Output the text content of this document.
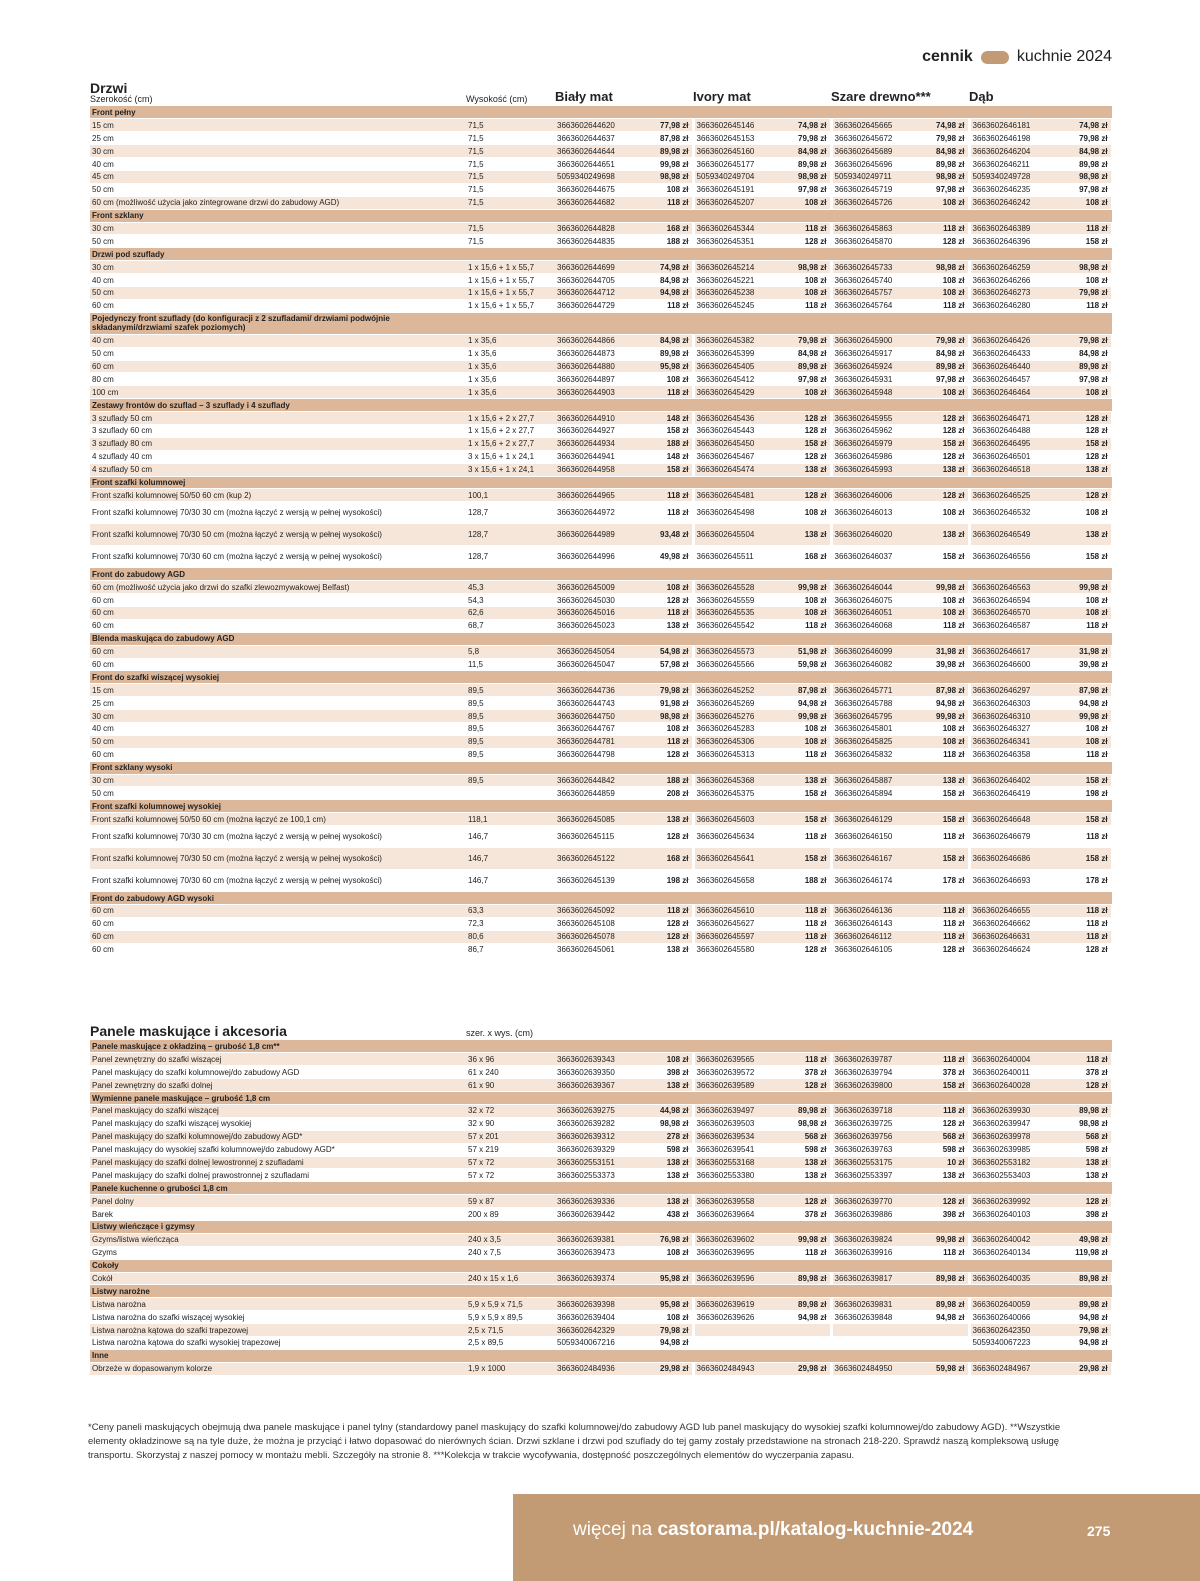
cennik	kuchnie 2024
Drzwi
Szerokość (cm)	Wysokość (cm) Biały mat	Ivory mat	Szare drewno***	Dąb
Front pełny									
15 cm	71,5	3663602644620	77,98 zł	3663602645146	74,98 zł	3663602645665	74,98 zł	3663602646181	74,98 zł
25 cm	71,5	3663602644637	87,98 zł	3663602645153	79,98 zł	3663602645672	79,98 zł	3663602646198	79,98 zł
30 cm	71,5	3663602644644	89,98 zł	3663602645160	84,98 zł	3663602645689	84,98 zł	3663602646204	84,98 zł
40 cm	71,5	3663602644651	99,98 zł	3663602645177	89,98 zł	3663602645696	89,98 zł	3663602646211	89,98 zł
45 cm	71,5	5059340249698	98,98 zł	5059340249704	98,98 zł	5059340249711	98,98 zł	5059340249728	98,98 zł
50 cm	71,5	3663602644675	108 zł	3663602645191	97,98 zł	3663602645719	97,98 zł	3663602646235	97,98 zł
60 cm (możliwość użycia jako zintegrowane drzwi do zabudowy AGD)	71,5	3663602644682	118 zł	3663602645207	108 zł	3663602645726	108 zł	3663602646242	108 zł
Front szklany									
30 cm	71,5	3663602644828	168 zł	3663602645344	118 zł	3663602645863	118 zł	3663602646389	118 zł
50 cm	71,5	3663602644835	188 zł	3663602645351	128 zł	3663602645870	128 zł	3663602646396	158 zł
Drzwi pod szuflady									
30 cm	1 x 15,6 + 1 x 55,7	3663602644699	74,98 zł	3663602645214	98,98 zł	3663602645733	98,98 zł	3663602646259	98,98 zł
40 cm	1 x 15,6 + 1 x 55,7	3663602644705	84,98 zł	3663602645221	108 zł	3663602645740	108 zł	3663602646266	108 zł
50 cm	1 x 15,6 + 1 x 55,7	3663602644712	94,98 zł	3663602645238	108 zł	3663602645757	108 zł	3663602646273	79,98 zł
60 cm	1 x 15,6 + 1 x 55,7	3663602644729	118 zł	3663602645245	118 zł	3663602645764	118 zł	3663602646280	118 zł
Pojedynczy front szuflady (do konfiguracji z 2 szufladami/ drzwiami podwójnie składanymi/drzwiami szafek poziomych)									
40 cm	1 x 35,6	3663602644866	84,98 zł	3663602645382	79,98 zł	3663602645900	79,98 zł	3663602646426	79,98 zł
50 cm	1 x 35,6	3663602644873	89,98 zł	3663602645399	84,98 zł	3663602645917	84,98 zł	3663602646433	84,98 zł
60 cm	1 x 35,6	3663602644880	95,98 zł	3663602645405	89,98 zł	3663602645924	89,98 zł	3663602646440	89,98 zł
80 cm	1 x 35,6	3663602644897	108 zł	3663602645412	97,98 zł	3663602645931	97,98 zł	3663602646457	97,98 zł
100 cm	1 x 35,6	3663602644903	118 zł	3663602645429	108 zł	3663602645948	108 zł	3663602646464	108 zł
Zestawy frontów do szuflad – 3 szuflady i 4 szuflady									
3 szuflady 50 cm	1 x 15,6 + 2 x 27,7	3663602644910	148 zł	3663602645436	128 zł	3663602645955	128 zł	3663602646471	128 zł
3 szuflady 60 cm	1 x 15,6 + 2 x 27,7	3663602644927	158 zł	3663602645443	128 zł	3663602645962	128 zł	3663602646488	128 zł
3 szuflady 80 cm	1 x 15,6 + 2 x 27,7	3663602644934	188 zł	3663602645450	158 zł	3663602645979	158 zł	3663602646495	158 zł
4 szuflady 40 cm	3 x 15,6 + 1 x 24,1	3663602644941	148 zł	3663602645467	128 zł	3663602645986	128 zł	3663602646501	128 zł
4 szuflady 50 cm	3 x 15,6 + 1 x 24,1	3663602644958	158 zł	3663602645474	138 zł	3663602645993	138 zł	3663602646518	138 zł
Front szafki kolumnowej									
Front szafki kolumnowej 50/50 60 cm (kup 2)	100,1	3663602644965	118 zł	3663602645481	128 zł	3663602646006	128 zł	3663602646525	128 zł
Front szafki kolumnowej 70/30 30 cm (można łączyć z wersją w pełnej wysokości)	128,7	3663602644972	118 zł	3663602645498	108 zł	3663602646013	108 zł	3663602646532	108 zł
Front szafki kolumnowej 70/30 50 cm (można łączyć z wersją w pełnej wysokości)	128,7	3663602644989	93,48 zł	3663602645504	138 zł	3663602646020	138 zł	3663602646549	138 zł
Front szafki kolumnowej 70/30 60 cm (można łączyć z wersją w pełnej wysokości)	128,7	3663602644996	49,98 zł	3663602645511	168 zł	3663602646037	158 zł	3663602646556	158 zł
Front do zabudowy AGD									
60 cm (możliwość użycia jako drzwi do szafki zlewozmywakowej Belfast)	45,3	3663602645009	108 zł	3663602645528	99,98 zł	3663602646044	99,98 zł	3663602646563	99,98 zł
60 cm	54,3	3663602645030	128 zł	3663602645559	108 zł	3663602646075	108 zł	3663602646594	108 zł
60 cm	62,6	3663602645016	118 zł	3663602645535	108 zł	3663602646051	108 zł	3663602646570	108 zł
60 cm	68,7	3663602645023	138 zł	3663602645542	118 zł	3663602646068	118 zł	3663602646587	118 zł
Blenda maskująca do zabudowy AGD									
60 cm	5,8	3663602645054	54,98 zł	3663602645573	51,98 zł	3663602646099	31,98 zł	3663602646617	31,98 zł
60 cm	11,5	3663602645047	57,98 zł	3663602645566	59,98 zł	3663602646082	39,98 zł	3663602646600	39,98 zł
Front do szafki wiszącej wysokiej									
15 cm	89,5	3663602644736	79,98 zł	3663602645252	87,98 zł	3663602645771	87,98 zł	3663602646297	87,98 zł
25 cm	89,5	3663602644743	91,98 zł	3663602645269	94,98 zł	3663602645788	94,98 zł	3663602646303	94,98 zł
30 cm	89,5	3663602644750	98,98 zł	3663602645276	99,98 zł	3663602645795	99,98 zł	3663602646310	99,98 zł
40 cm	89,5	3663602644767	108 zł	3663602645283	108 zł	3663602645801	108 zł	3663602646327	108 zł
50 cm	89,5	3663602644781	118 zł	3663602645306	108 zł	3663602645825	108 zł	3663602646341	108 zł
60 cm	89,5	3663602644798	128 zł	3663602645313	118 zł	3663602645832	118 zł	3663602646358	118 zł
Front szklany wysoki									
30 cm	89,5	3663602644842	188 zł	3663602645368	138 zł	3663602645887	138 zł	3663602646402	158 zł
50 cm		3663602644859	208 zł	3663602645375	158 zł	3663602645894	158 zł	3663602646419	198 zł
Front szafki kolumnowej wysokiej									
Front szafki kolumnowej 50/50 60 cm (można łączyć ze 100,1 cm)	118,1	3663602645085	138 zł	3663602645603	158 zł	3663602646129	158 zł	3663602646648	158 zł
Front szafki kolumnowej 70/30 30 cm (można łączyć z wersją w pełnej wysokości)	146,7	3663602645115	128 zł	3663602645634	118 zł	3663602646150	118 zł	3663602646679	118 zł
Front szafki kolumnowej 70/30 50 cm (można łączyć z wersją w pełnej wysokości)	146,7	3663602645122	168 zł	3663602645641	158 zł	3663602646167	158 zł	3663602646686	158 zł
Front szafki kolumnowej 70/30 60 cm (można łączyć z wersją w pełnej wysokości)	146,7	3663602645139	198 zł	3663602645658	188 zł	3663602646174	178 zł	3663602646693	178 zł
Front do zabudowy AGD wysoki									
60 cm	63,3	3663602645092	118 zł	3663602645610	118 zł	3663602646136	118 zł	3663602646655	118 zł
60 cm	72,3	3663602645108	128 zł	3663602645627	118 zł	3663602646143	118 zł	3663602646662	118 zł
60 cm	80,6	3663602645078	128 zł	3663602645597	118 zł	3663602646112	118 zł	3663602646631	118 zł
60 cm	86,7	3663602645061	138 zł	3663602645580	128 zł	3663602646105	128 zł	3663602646624	128 zł
Panele maskujące i akcesoria	szer. x wys. (cm)
Panele maskujące z okładziną – grubość 1,8 cm**									
Panel zewnętrzny do szafki wiszącej	36 x 96	3663602639343	108 zł	3663602639565	118 zł	3663602639787	118 zł	3663602640004	118 zł
Panel maskujący do szafki kolumnowej/do zabudowy AGD	61 x 240	3663602639350	398 zł	3663602639572	378 zł	3663602639794	378 zł	3663602640011	378 zł
Panel zewnętrzny do szafki dolnej	61 x 90	3663602639367	138 zł	3663602639589	128 zł	3663602639800	158 zł	3663602640028	128 zł
Wymienne panele maskujące – grubość 1,8 cm									
Panel maskujący do szafki wiszącej	32 x 72	3663602639275	44,98 zł	3663602639497	89,98 zł	3663602639718	118 zł	3663602639930	89,98 zł
Panel maskujący do szafki wiszącej wysokiej	32 x 90	3663602639282	98,98 zł	3663602639503	98,98 zł	3663602639725	128 zł	3663602639947	98,98 zł
Panel maskujący do szafki kolumnowej/do zabudowy AGD*	57 x 201	3663602639312	278 zł	3663602639534	568 zł	3663602639756	568 zł	3663602639978	568 zł
Panel maskujący do wysokiej szafki kolumnowej/do zabudowy AGD*	57 x 219	3663602639329	598 zł	3663602639541	598 zł	3663602639763	598 zł	3663602639985	598 zł
Panel maskujący do szafki dolnej lewostronnej z szufladami	57 x 72	3663602553151	138 zł	3663602553168	138 zł	3663602553175	10 zł	3663602553182	138 zł
Panel maskujący do szafki dolnej prawostronnej z szufladami	57 x 72	3663602553373	138 zł	3663602553380	138 zł	3663602553397	138 zł	3663602553403	138 zł
Panele kuchenne o grubości 1,8 cm									
Panel dolny	59 x 87	3663602639336	138 zł	3663602639558	128 zł	3663602639770	128 zł	3663602639992	128 zł
Barek	200 x 89	3663602639442	438 zł	3663602639664	378 zł	3663602639886	398 zł	3663602640103	398 zł
Listwy wieńczące i gzymsy									
Gzyms/listwa wieńcząca	240 x 3,5	3663602639381	76,98 zł	3663602639602	99,98 zł	3663602639824	99,98 zł	3663602640042	49,98 zł
Gzyms	240 x 7,5	3663602639473	108 zł	3663602639695	118 zł	3663602639916	118 zł	3663602640134	119,98 zł
Cokoły									
Cokół	240 x 15 x 1,6	3663602639374	95,98 zł	3663602639596	89,98 zł	3663602639817	89,98 zł	3663602640035	89,98 zł
Listwy narożne									
Listwa narożna	5,9 x 5,9 x 71,5	3663602639398	95,98 zł	3663602639619	89,98 zł	3663602639831	89,98 zł	3663602640059	89,98 zł
Listwa narożna do szafki wiszącej wysokiej	5,9 x 5,9 x 89,5	3663602639404	108 zł	3663602639626	94,98 zł	3663602639848	94,98 zł	3663602640066	94,98 zł
Listwa narożna kątowa do szafki trapezowej	2,5 x 71,5	3663602642329	79,98 zł					3663602642350	79,98 zł
Listwa narożna kątowa do szafki wysokiej trapezowej	2,5 x 89,5	5059340067216	94,98 zł					5059340067223	94,98 zł
Inne									
Obrzeże w dopasowanym kolorze	1,9 x 1000	3663602484936	29,98 zł	3663602484943	29,98 zł	3663602484950	59,98 zł	3663602484967	29,98 zł
*Ceny paneli maskujących obejmują dwa panele maskujące i panel tylny (standardowy panel maskujący do szafki kolumnowej/do zabudowy AGD lub panel maskujący do wysokiej szafki kolumnowej/do zabudowy AGD). **Wszystkie elementy okładzinowe są na tyle duże, że można je przyciąć i łatwo dopasować do nierównych ścian. Drzwi szklane i drzwi pod szuflady do tej gamy zostały przedstawione na stronach 218-220. Sprawdź naszą kompleksową usługę transportu. Skorzystaj z naszej pomocy w montażu mebli. Szczegóły na stronie 8. ***Kolekcja w trakcie wycofywania, dostępność poszczególnych elementów do wyczerpania zapasu.
więcej na castorama.pl/katalog-kuchnie-2024	275
